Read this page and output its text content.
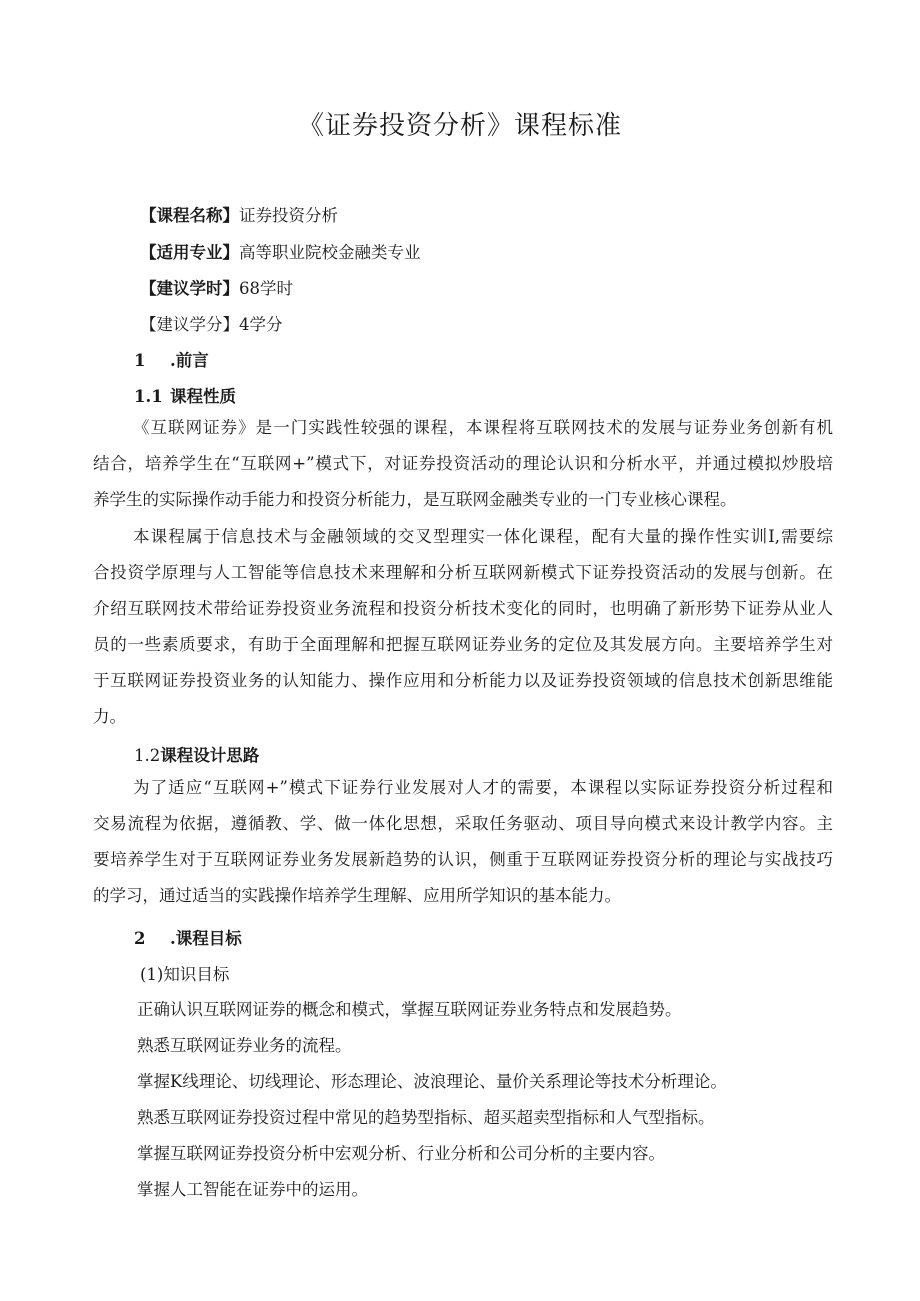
《证券投资分析》课程标准
【课程名称】证券投资分析
【适用专业】高等职业院校金融类专业
【建议学时】68学时
【建议学分】4学分
1 .前言
1.1 课程性质
《互联网证券》是一门实践性较强的课程，本课程将互联网技术的发展与证券业务创新有机
结合，培养学生在“互联网+”模式下，对证券投资活动的理论认识和分析水平，并通过模拟炒股培
养学生的实际操作动手能力和投资分析能力，是互联网金融类专业的一门专业核心课程。
本课程属于信息技术与金融领域的交叉型理实一体化课程，配有大量的操作性实训I,需要综
合投资学原理与人工智能等信息技术来理解和分析互联网新模式下证券投资活动的发展与创新。在
介绍互联网技术带给证券投资业务流程和投资分析技术变化的同时，也明确了新形势下证券从业人
员的一些素质要求，有助于全面理解和把握互联网证券业务的定位及其发展方向。主要培养学生对
于互联网证券投资业务的认知能力、操作应用和分析能力以及证券投资领域的信息技术创新思维能
力。
1.2课程设计思路
为了适应“互联网+”模式下证券行业发展对人才的需要，本课程以实际证券投资分析过程和
交易流程为依据，遵循教、学、做一体化思想，采取任务驱动、项目导向模式来设计教学内容。主
要培养学生对于互联网证券业务发展新趋势的认识，侧重于互联网证券投资分析的理论与实战技巧
的学习，通过适当的实践操作培养学生理解、应用所学知识的基本能力。
2 .课程目标
(1)知识目标
正确认识互联网证券的概念和模式，掌握互联网证券业务特点和发展趋势。
熟悉互联网证券业务的流程。
掌握K线理论、切线理论、形态理论、波浪理论、量价关系理论等技术分析理论。
熟悉互联网证券投资过程中常见的趋势型指标、超买超卖型指标和人气型指标。
掌握互联网证券投资分析中宏观分析、行业分析和公司分析的主要内容。
掌握人工智能在证券中的运用。
